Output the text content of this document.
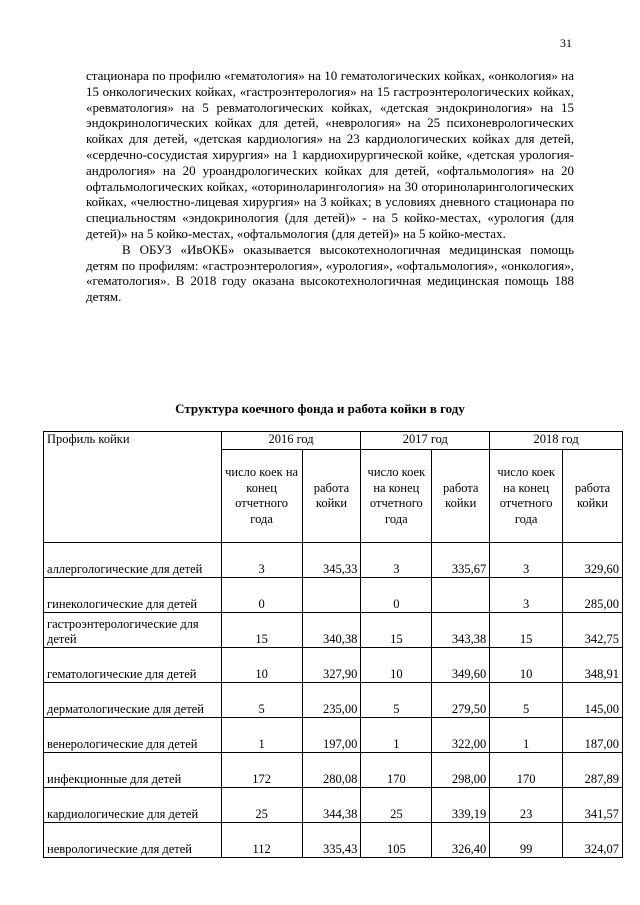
31

стационара по профилю «гематология» на 10 гематологических койках, «онкология» на 15 онкологических койках, «гастроэнтерология» на 15 гастроэнтерологических койках, «ревматология» на 5 ревматологических койках, «детская эндокринология» на 15 эндокринологических койках для детей, «неврология» на 25 психоневрологических койках для детей, «детская кардиология» на 23 кардиологических койках для детей, «сердечно-сосудистая хирургия» на 1 кардиохирургической койке, «детская урология-андрология» на 20 уроандрологических койках для детей, «офтальмология» на 20 офтальмологических койках, «оториноларингология» на 30 оториноларингологических койках, «челюстно-лицевая хирургия» на 3 койках; в условиях дневного стационара по специальностям «эндокринология (для детей)» - на 5 койко-местах, «урология (для детей)» на 5 койко-местах, «офтальмология (для детей)» на 5 койко-местах.

В ОБУЗ «ИвОКБ» оказывается высокотехнологичная медицинская помощь детям по профилям: «гастроэнтерология», «урология», «офтальмология», «онкология», «гематология». В 2018 году оказана высокотехнологичная медицинская помощь 188 детям.

Структура коечного фонда и работа койки в году
Профиль койки	2016 год		2017 год		2018 год	
	число коек на конец отчетного года	работа койки	число коек на конец отчетного года	работа койки	число коек на конец отчетного года	работа койки
аллергологические для детей	3	345,33	3	335,67	3	329,60
гинекологические для детей	0		0		3	285,00
гастроэнтерологические для детей	15	340,38	15	343,38	15	342,75
гематологические для детей	10	327,90	10	349,60	10	348,91
дерматологические для детей	5	235,00	5	279,50	5	145,00
венерологические для детей	1	197,00	1	322,00	1	187,00
инфекционные для детей	172	280,08	170	298,00	170	287,89
кардиологические для детей	25	344,38	25	339,19	23	341,57
неврологические для детей	112	335,43	105	326,40	99	324,07
